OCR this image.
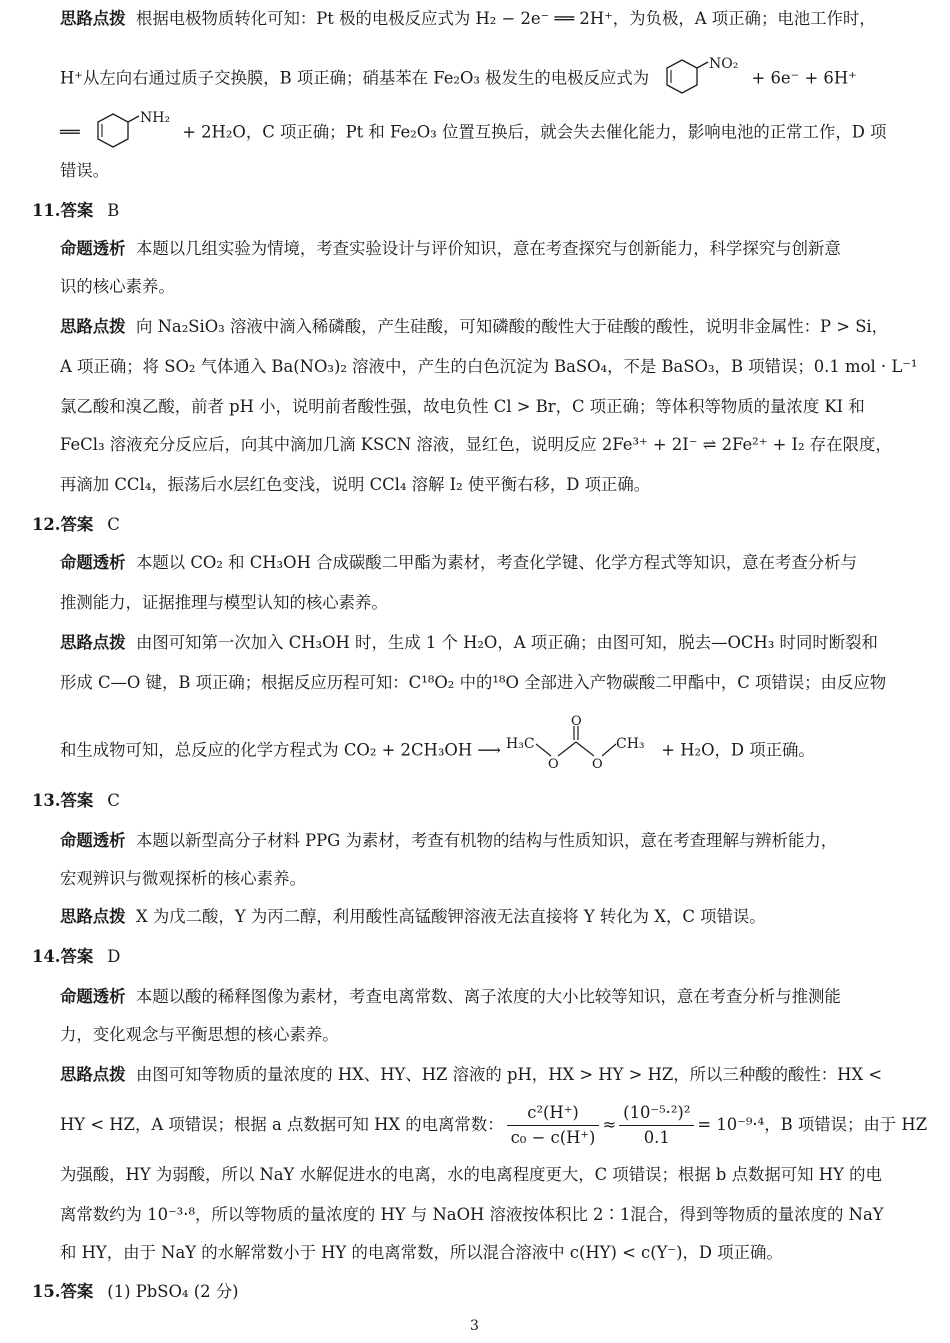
思路点拨 根据电极物质转化可知：Pt 极的电极反应式为 H₂ − 2e⁻ ══ 2H⁺，为负极，A 项正确；电池工作时，
H⁺从左向右通过质子交换膜，B 项正确；硝基苯在 Fe₂O₃ 极发生的电极反应式为
NO₂
+ 6e⁻ + 6H⁺
══
NH₂
+ 2H₂O，C 项正确；Pt 和 Fe₂O₃ 位置互换后，就会失去催化能力，影响电池的正常工作，D 项
错误。
11.答案 B
命题透析 本题以几组实验为情境，考查实验设计与评价知识，意在考查探究与创新能力，科学探究与创新意
识的核心素养。
思路点拨 向 Na₂SiO₃ 溶液中滴入稀磷酸，产生硅酸，可知磷酸的酸性大于硅酸的酸性，说明非金属性：P > Si，
A 项正确；将 SO₂ 气体通入 Ba(NO₃)₂ 溶液中，产生的白色沉淀为 BaSO₄，不是 BaSO₃，B 项错误；0.1 mol · L⁻¹
氯乙酸和溴乙酸，前者 pH 小，说明前者酸性强，故电负性 Cl > Br，C 项正确；等体积等物质的量浓度 KI 和
FeCl₃ 溶液充分反应后，向其中滴加几滴 KSCN 溶液，显红色，说明反应 2Fe³⁺ + 2I⁻ ⇌ 2Fe²⁺ + I₂ 存在限度，
再滴加 CCl₄，振荡后水层红色变浅，说明 CCl₄ 溶解 I₂ 使平衡右移，D 项正确。
12.答案 C
命题透析 本题以 CO₂ 和 CH₃OH 合成碳酸二甲酯为素材，考查化学键、化学方程式等知识，意在考查分析与
推测能力，证据推理与模型认知的核心素养。
思路点拨 由图可知第一次加入 CH₃OH 时，生成 1 个 H₂O，A 项正确；由图可知，脱去—OCH₃ 时同时断裂和
形成 C—O 键，B 项正确；根据反应历程可知：C¹⁸O₂ 中的¹⁸O 全部进入产物碳酸二甲酯中，C 项错误；由反应物
和生成物可知，总反应的化学方程式为 CO₂ + 2CH₃OH ⟶ H₃C
O
O
O
CH₃ + H₂O，D 项正确。
13.答案 C
命题透析 本题以新型高分子材料 PPG 为素材，考查有机物的结构与性质知识，意在考查理解与辨析能力，
宏观辨识与微观探析的核心素养。
思路点拨 X 为戊二酸，Y 为丙二醇，利用酸性高锰酸钾溶液无法直接将 Y 转化为 X，C 项错误。
14.答案 D
命题透析 本题以酸的稀释图像为素材，考查电离常数、离子浓度的大小比较等知识，意在考查分析与推测能
力，变化观念与平衡思想的核心素养。
思路点拨 由图可知等物质的量浓度的 HX、HY、HZ 溶液的 pH，HX > HY > HZ，所以三种酸的酸性：HX <
HY < HZ，A 项错误；根据 a 点数据可知 HX 的电离常数： $\frac{\text{c²(H⁺)}}{\text{c₀ − c(H⁺)}} \approx \frac{\text{(10⁻⁵·²)²}}{0.1} = 10^{-9}\cdot^4$，B 项错误；由于 HZ
为强酸，HY 为弱酸，所以 NaY 水解促进水的电离，水的电离程度更大，C 项错误；根据 b 点数据可知 HY 的电
离常数约为 10⁻³·⁸，所以等物质的量浓度的 HY 与 NaOH 溶液按体积比 2∶1混合，得到等物质的量浓度的 NaY
和 HY，由于 NaY 的水解常数小于 HY 的电离常数，所以混合溶液中 c(HY) < c(Y⁻)，D 项正确。
15.答案 (1) PbSO₄ (2 分)
3
